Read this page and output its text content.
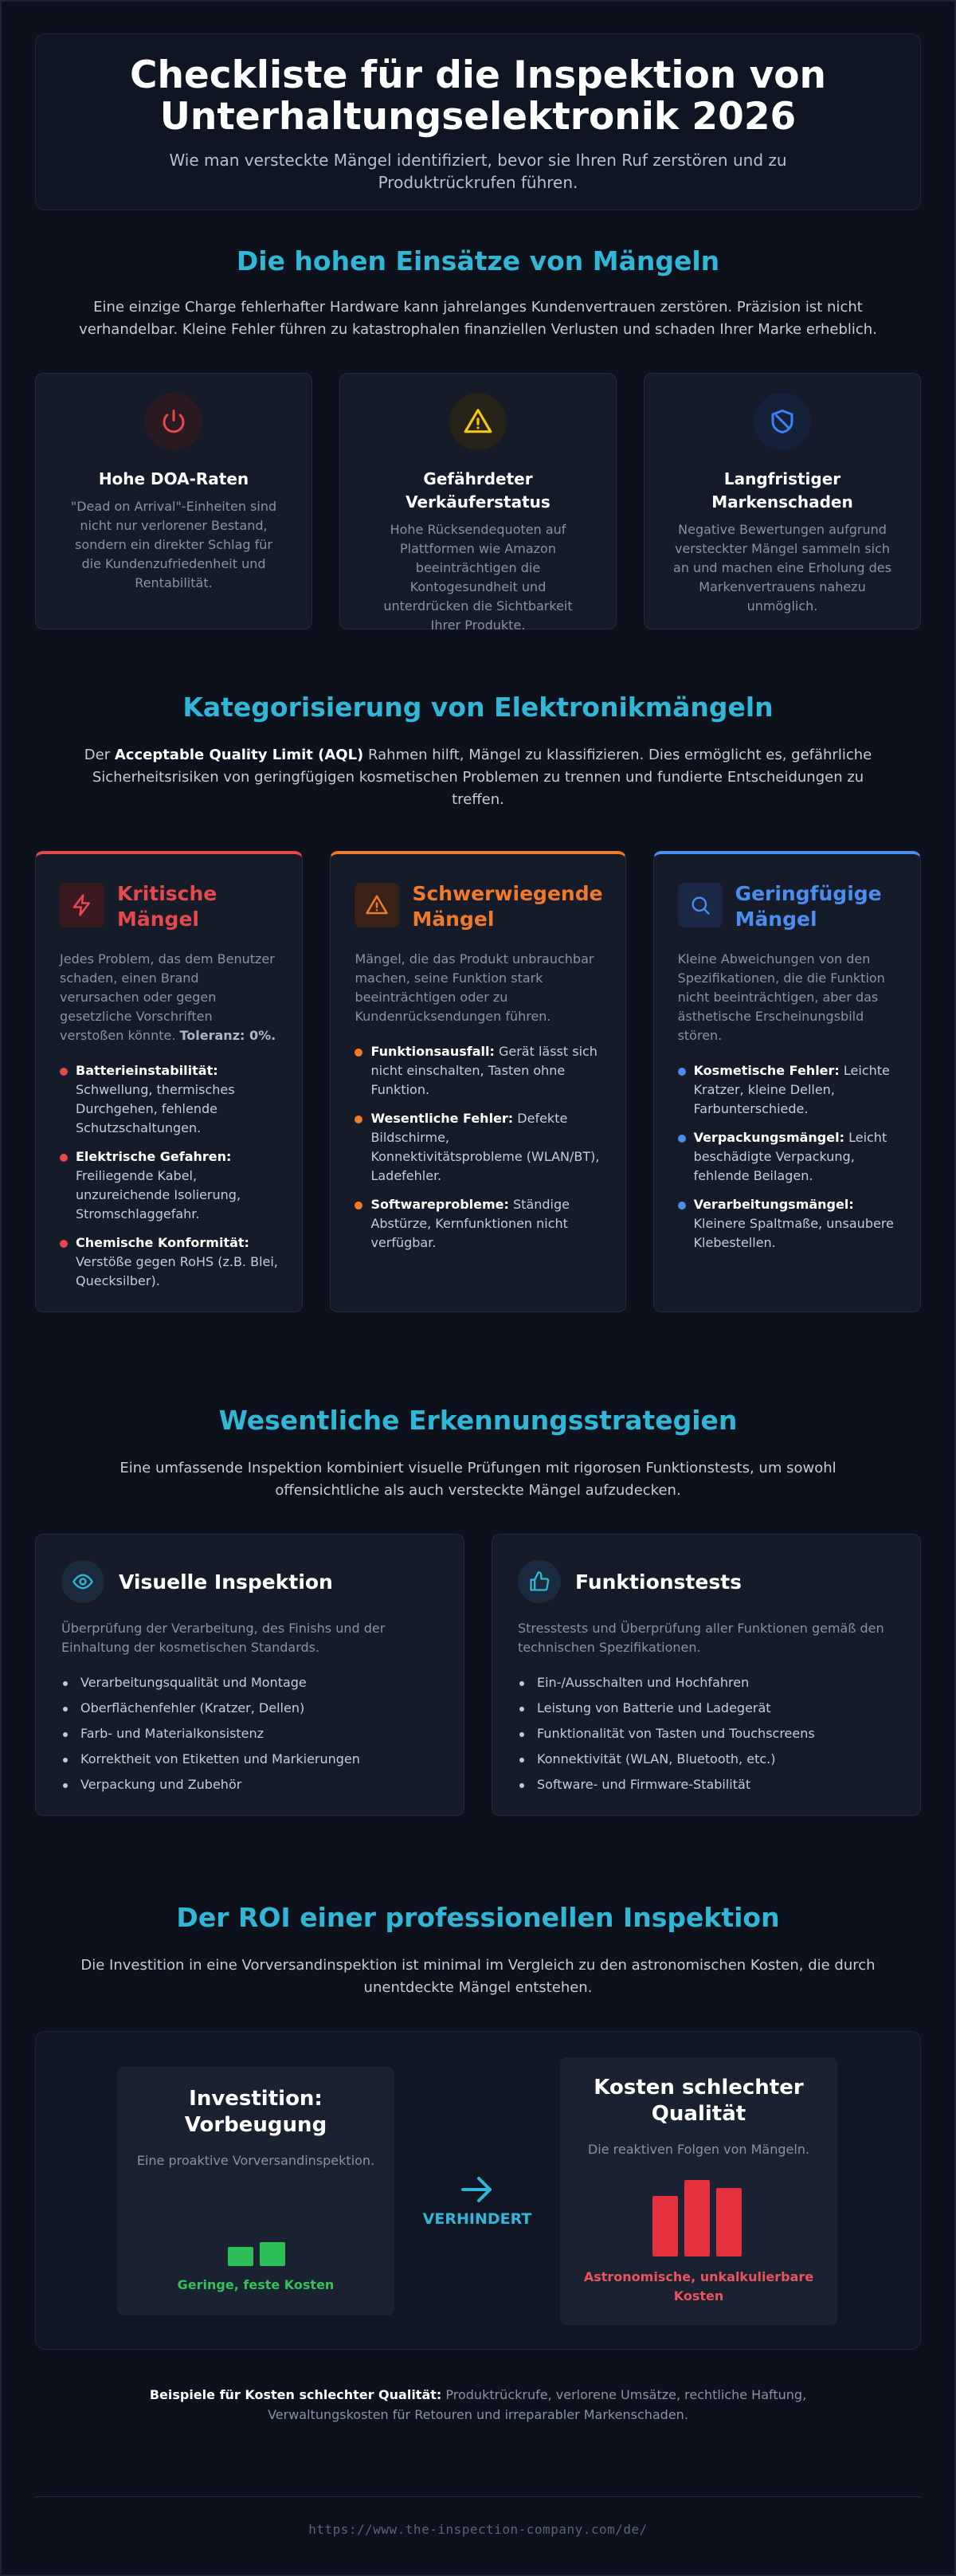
Checkliste für die Inspektion von Unterhaltungselektronik 2026

Wie man versteckte Mängel identifiziert, bevor sie Ihren Ruf zerstören und zu Produktrückrufen führen.

Die hohen Einsätze von Mängeln

Eine einzige Charge fehlerhafter Hardware kann jahrelanges Kundenvertrauen zerstören. Präzision ist nicht verhandelbar. Kleine Fehler führen zu katastrophalen finanziellen Verlusten und schaden Ihrer Marke erheblich.

Hohe DOA-Raten

"Dead on Arrival"-Einheiten sind nicht nur verlorener Bestand, sondern ein direkter Schlag für die Kundenzufriedenheit und Rentabilität.

Gefährdeter Verkäuferstatus

Hohe Rücksendequoten auf Plattformen wie Amazon beeinträchtigen die Kontogesundheit und unterdrücken die Sichtbarkeit Ihrer Produkte.

Langfristiger Markenschaden

Negative Bewertungen aufgrund versteckter Mängel sammeln sich an und machen eine Erholung des Markenvertrauens nahezu unmöglich.

Kategorisierung von Elektronikmängeln

Der Acceptable Quality Limit (AQL) Rahmen hilft, Mängel zu klassifizieren. Dies ermöglicht es, gefährliche Sicherheitsrisiken von geringfügigen kosmetischen Problemen zu trennen und fundierte Entscheidungen zu treffen.

Kritische Mängel

Jedes Problem, das dem Benutzer schaden, einen Brand verursachen oder gegen gesetzliche Vorschriften verstoßen könnte. Toleranz: 0%.

Batterieinstabilität: Schwellung, thermisches Durchgehen, fehlende Schutzschaltungen.
Elektrische Gefahren: Freiliegende Kabel, unzureichende Isolierung, Stromschlaggefahr.
Chemische Konformität: Verstöße gegen RoHS (z.B. Blei, Quecksilber).
Schwerwiegende Mängel

Mängel, die das Produkt unbrauchbar machen, seine Funktion stark beeinträchtigen oder zu Kundenrücksendungen führen.

Funktionsausfall: Gerät lässt sich nicht einschalten, Tasten ohne Funktion.
Wesentliche Fehler: Defekte Bildschirme, Konnektivitätsprobleme (WLAN/BT), Ladefehler.
Softwareprobleme: Ständige Abstürze, Kernfunktionen nicht verfügbar.
Geringfügige Mängel

Kleine Abweichungen von den Spezifikationen, die die Funktion nicht beeinträchtigen, aber das ästhetische Erscheinungsbild stören.

Kosmetische Fehler: Leichte Kratzer, kleine Dellen, Farbunterschiede.
Verpackungsmängel: Leicht beschädigte Verpackung, fehlende Beilagen.
Verarbeitungsmängel: Kleinere Spaltmaße, unsaubere Klebestellen.
Wesentliche Erkennungsstrategien

Eine umfassende Inspektion kombiniert visuelle Prüfungen mit rigorosen Funktionstests, um sowohl offensichtliche als auch versteckte Mängel aufzudecken.

Visuelle Inspektion

Überprüfung der Verarbeitung, des Finishs und der Einhaltung der kosmetischen Standards.

Verarbeitungsqualität und Montage
Oberflächenfehler (Kratzer, Dellen)
Farb- und Materialkonsistenz
Korrektheit von Etiketten und Markierungen
Verpackung und Zubehör
Funktionstests

Stresstests und Überprüfung aller Funktionen gemäß den technischen Spezifikationen.

Ein-/Ausschalten und Hochfahren
Leistung von Batterie und Ladegerät
Funktionalität von Tasten und Touchscreens
Konnektivität (WLAN, Bluetooth, etc.)
Software- und Firmware-Stabilität
Der ROI einer professionellen Inspektion

Die Investition in eine Vorversandinspektion ist minimal im Vergleich zu den astronomischen Kosten, die durch unentdeckte Mängel entstehen.

Investition: Vorbeugung

Eine proaktive Vorversandinspektion.

Geringe, feste Kosten
VERHINDERT
Kosten schlechter Qualität

Die reaktiven Folgen von Mängeln.

Astronomische, unkalkulierbare Kosten

Beispiele für Kosten schlechter Qualität: Produktrückrufe, verlorene Umsätze, rechtliche Haftung, Verwaltungskosten für Retouren und irreparabler Markenschaden.

https://www.the-inspection-company.com/de/
